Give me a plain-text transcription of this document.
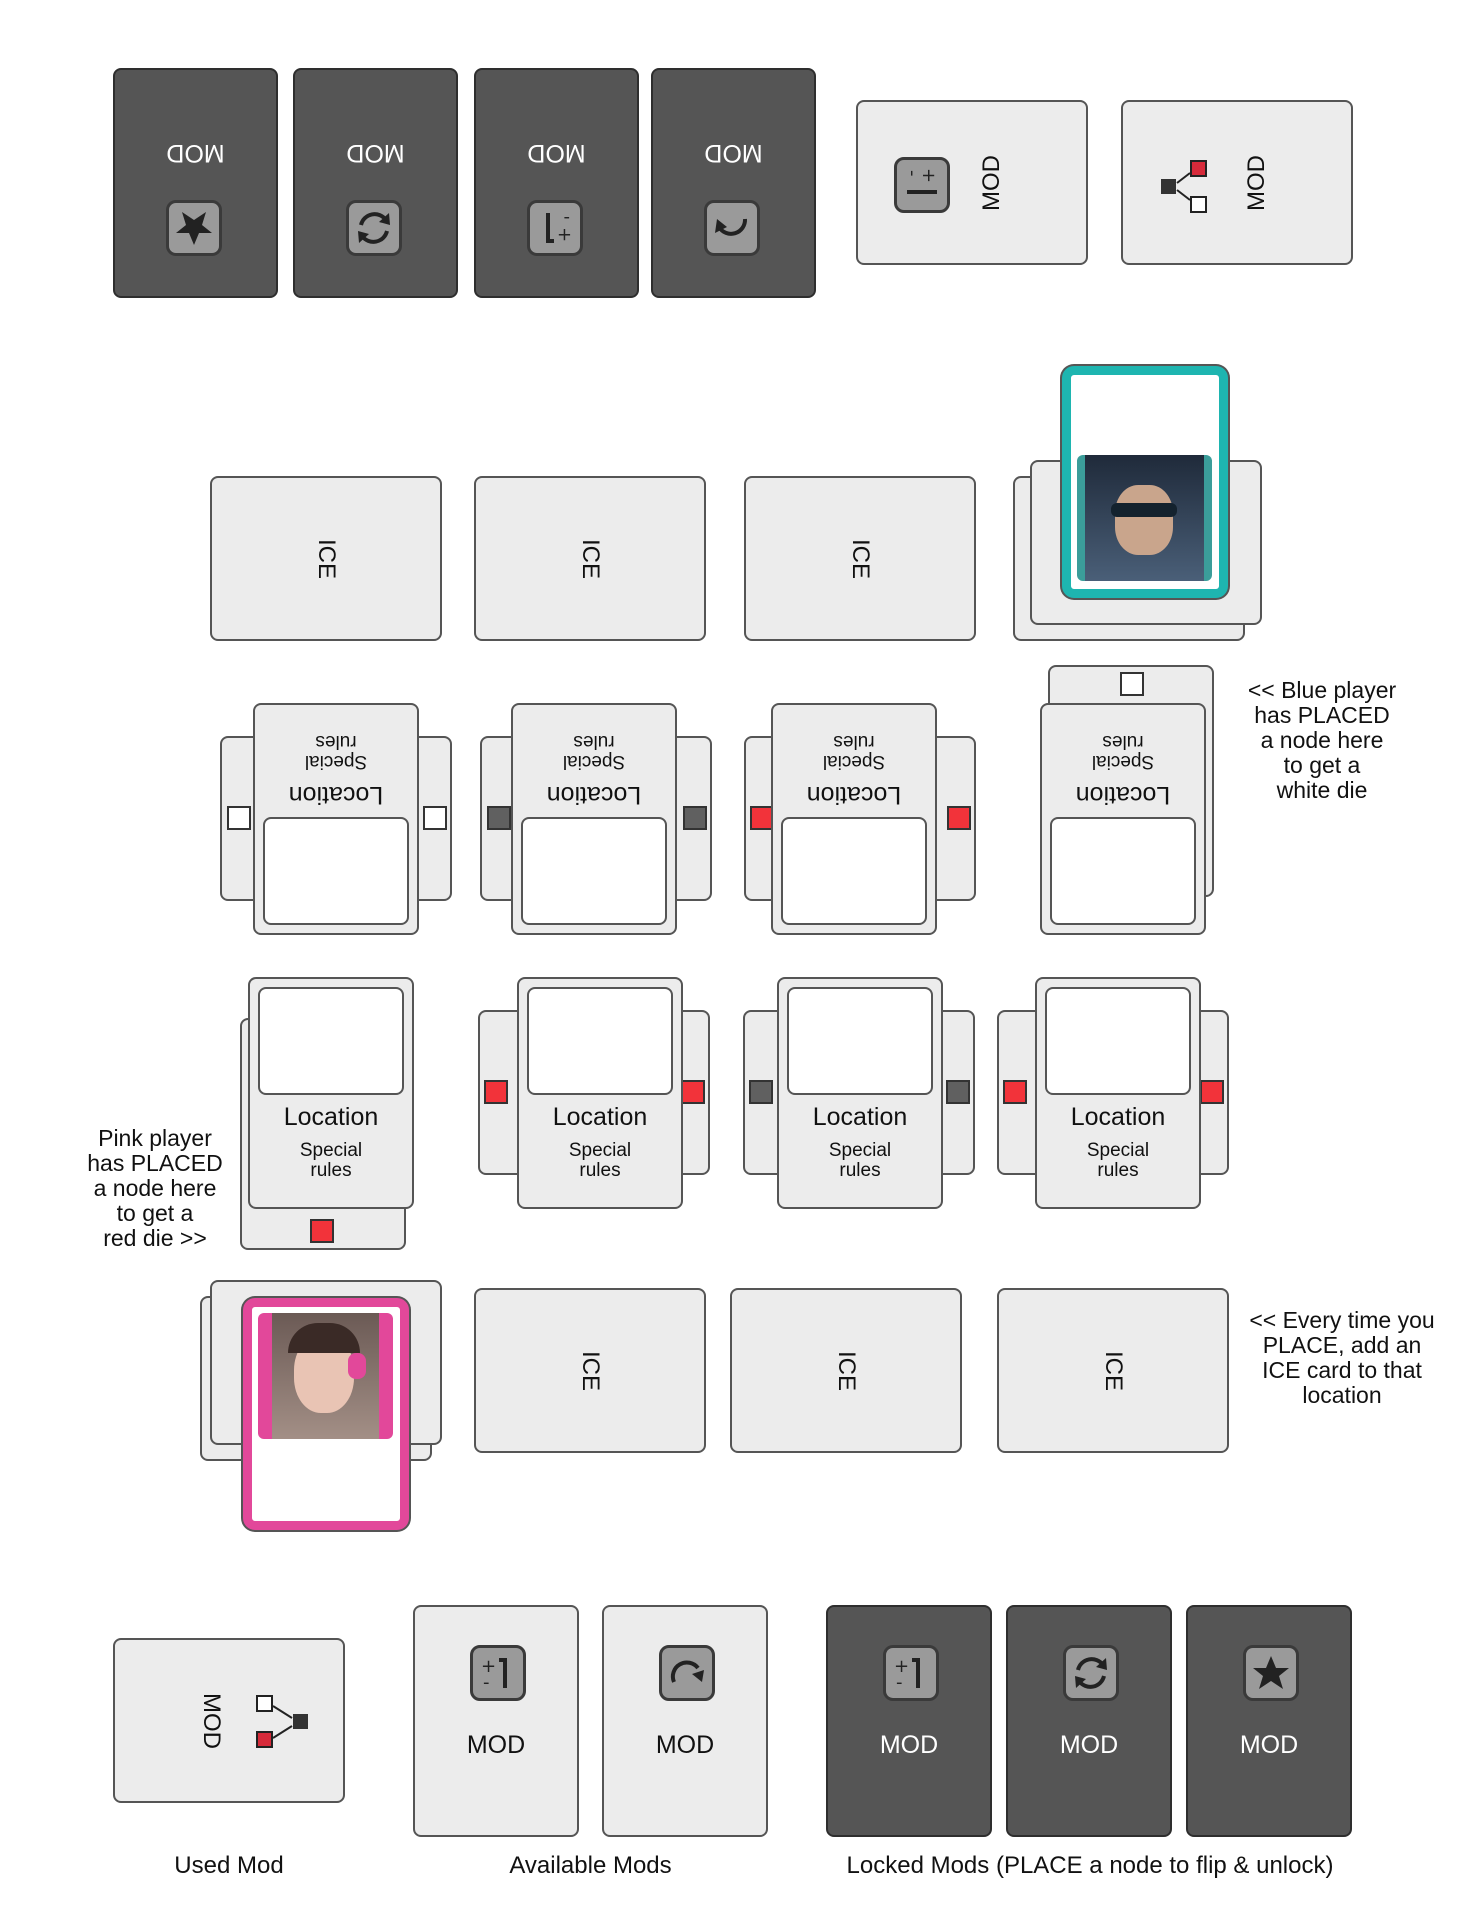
MOD	MOD	MOD
+
-
MOD
+
- MOD	MOD
ICE	ICE	ICE
Location
Special
rules
Location
Special
rules
Location
Special
rules
Location
Special
rules
<< Blue player
has PLACED
a node here
to get a
white die
Location
Special
rules
Location
Special
rules
Location
Special
rules
Location
Special
rules
Pink player
has PLACED
a node here
to get a
red die >>
ICE	ICE	ICE
<< Every time you
PLACE, add an
ICE card to that
location
MOD
+
-
MOD	MOD
+
-
MOD	MOD	MOD
Used Mod	Available Mods	Locked Mods (PLACE a node to flip & unlock)
